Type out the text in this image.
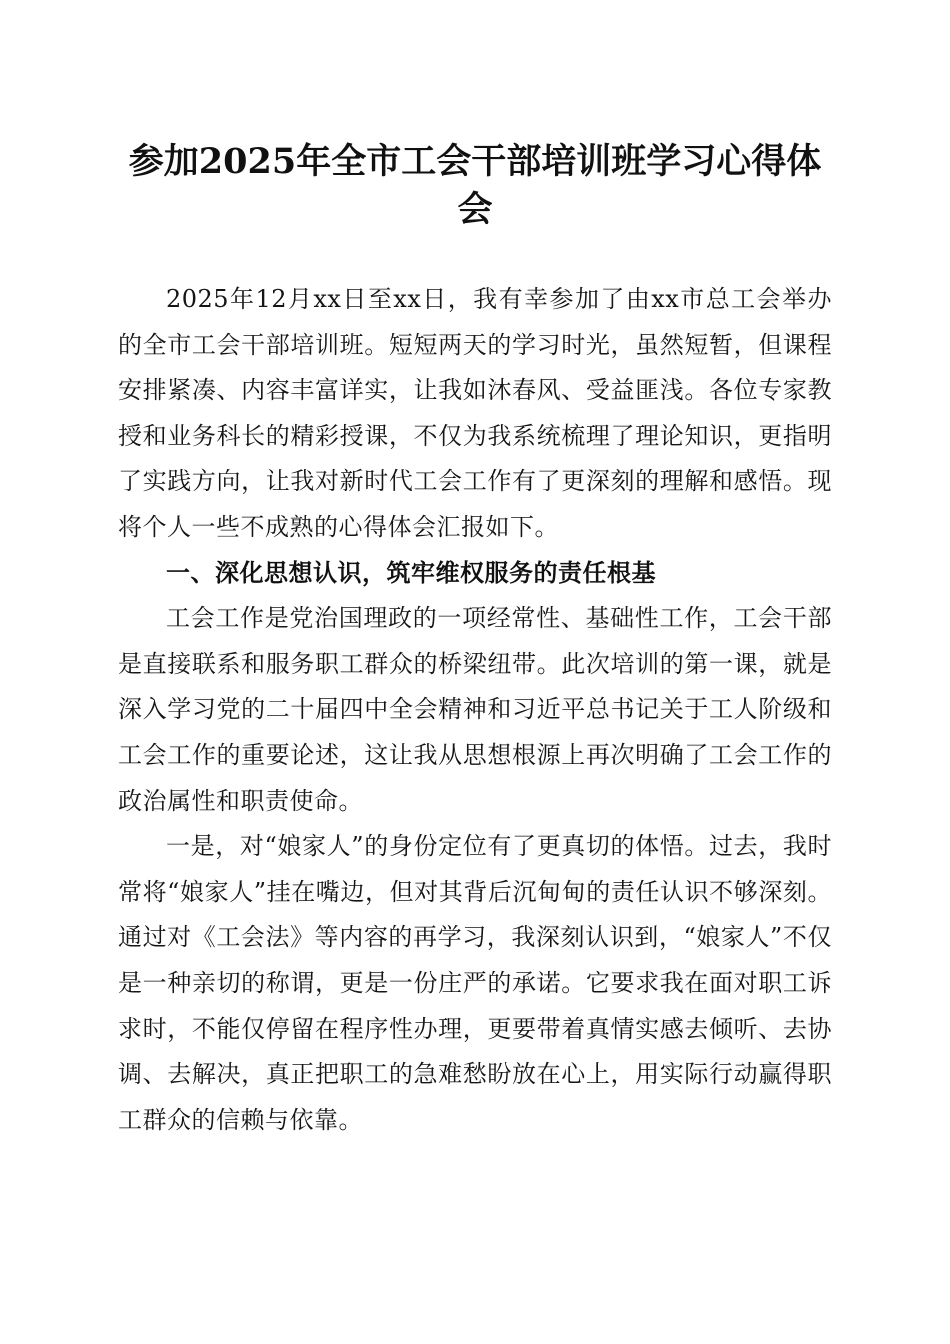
参加2025年全市工会干部培训班学习心得体会

2025年12月xx日至xx日，我有幸参加了由xx市总工会举办的全市工会干部培训班。短短两天的学习时光，虽然短暂，但课程安排紧凑、内容丰富详实，让我如沐春风、受益匪浅。各位专家教授和业务科长的精彩授课，不仅为我系统梳理了理论知识，更指明了实践方向，让我对新时代工会工作有了更深刻的理解和感悟。现将个人一些不成熟的心得体会汇报如下。

一、深化思想认识，筑牢维权服务的责任根基

工会工作是党治国理政的一项经常性、基础性工作，工会干部是直接联系和服务职工群众的桥梁纽带。此次培训的第一课，就是深入学习党的二十届四中全会精神和习近平总书记关于工人阶级和工会工作的重要论述，这让我从思想根源上再次明确了工会工作的政治属性和职责使命。

一是，对“娘家人”的身份定位有了更真切的体悟。过去，我时常将“娘家人”挂在嘴边，但对其背后沉甸甸的责任认识不够深刻。通过对《工会法》等内容的再学习，我深刻认识到，“娘家人”不仅是一种亲切的称谓，更是一份庄严的承诺。它要求我在面对职工诉求时，不能仅停留在程序性办理，更要带着真情实感去倾听、去协调、去解决，真正把职工的急难愁盼放在心上，用实际行动赢得职工群众的信赖与依靠。
